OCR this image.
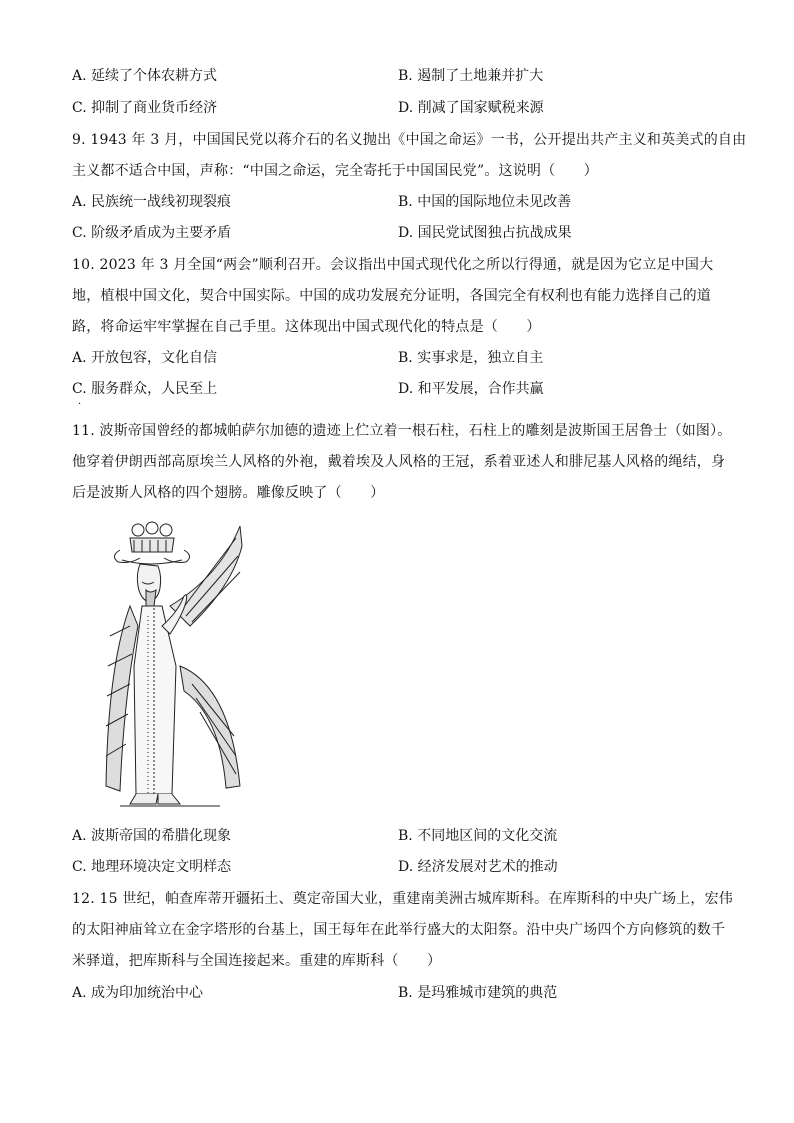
A. 延续了个体农耕方式	B. 遏制了土地兼并扩大
C. 抑制了商业货币经济	D. 削减了国家赋税来源
9. 1943 年 3 月，中国国民党以蒋介石的名义抛出《中国之命运》一书，公开提出共产主义和英美式的自由
主义都不适合中国，声称：“中国之命运，完全寄托于中国国民党”。这说明（　　）
A. 民族统一战线初现裂痕	B. 中国的国际地位未见改善
C. 阶级矛盾成为主要矛盾	D. 国民党试图独占抗战成果
10. 2023 年 3 月全国“两会”顺利召开。会议指出中国式现代化之所以行得通，就是因为它立足中国大
地，植根中国文化，契合中国实际。中国的成功发展充分证明，各国完全有权利也有能力选择自己的道
路，将命运牢牢掌握在自己手里。这体现出中国式现代化的特点是（　　）
A. 开放包容，文化自信	B. 实事求是，独立自主
C. 服务群众，人民至上	D. 和平发展，合作共赢
·
11. 波斯帝国曾经的都城帕萨尔加德的遗迹上伫立着一根石柱，石柱上的雕刻是波斯国王居鲁士（如图）。
他穿着伊朗西部高原埃兰人风格的外袍，戴着埃及人风格的王冠，系着亚述人和腓尼基人风格的绳结，身
后是波斯人风格的四个翅膀。雕像反映了（　　）
A. 波斯帝国的希腊化现象	B. 不同地区间的文化交流
C. 地理环境决定文明样态	D. 经济发展对艺术的推动
12. 15 世纪，帕查库蒂开疆拓土、奠定帝国大业，重建南美洲古城库斯科。在库斯科的中央广场上，宏伟
的太阳神庙耸立在金字塔形的台基上，国王每年在此举行盛大的太阳祭。沿中央广场四个方向修筑的数千
米驿道，把库斯科与全国连接起来。重建的库斯科（　　）
A. 成为印加统治中心	B. 是玛雅城市建筑的典范
